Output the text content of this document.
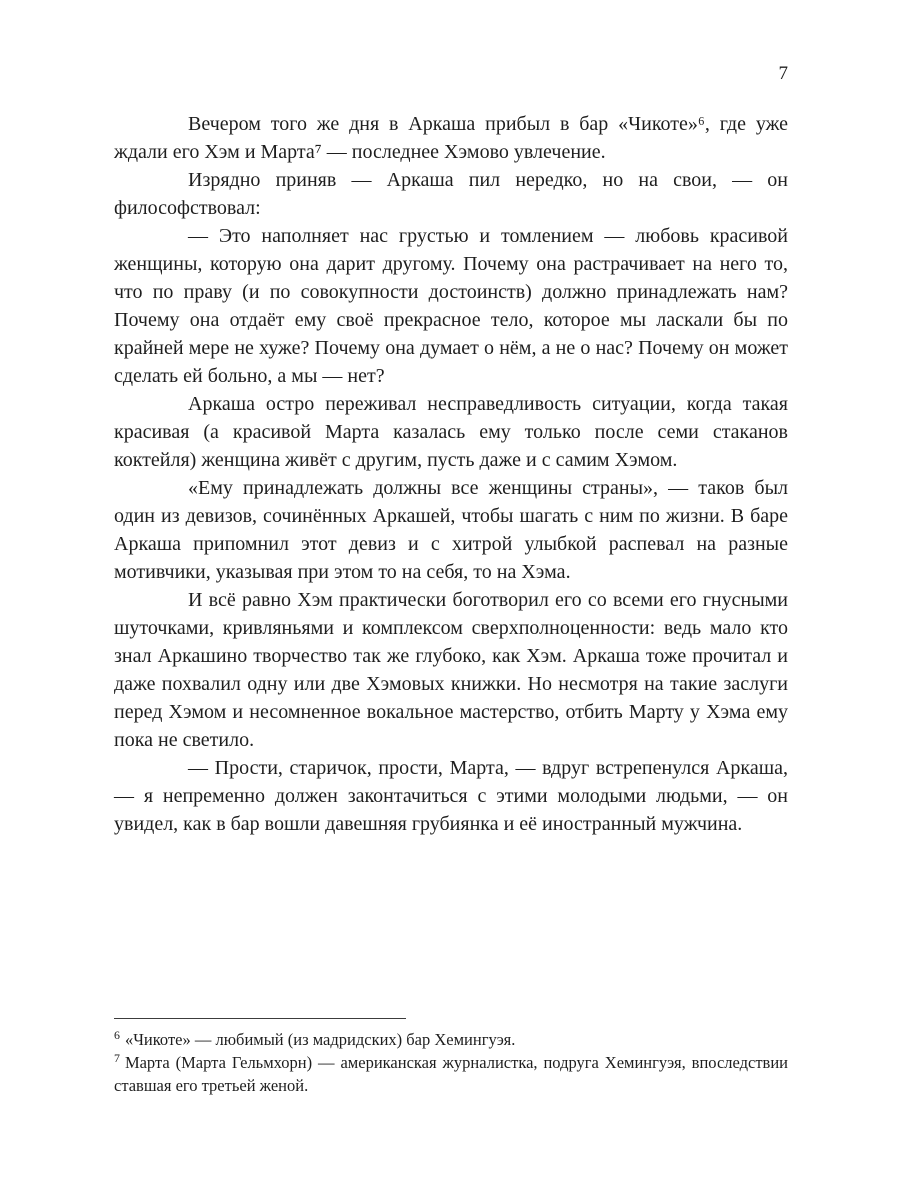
7

Вечером того же дня в Аркаша прибыл в бар «Чикоте»⁶, где уже ждали его Хэм и Марта⁷ — последнее Хэмово увлечение.

Изрядно приняв — Аркаша пил нередко, но на свои, — он философствовал:

— Это наполняет нас грустью и томлением — любовь красивой женщины, которую она дарит другому. Почему она растрачивает на него то, что по праву (и по совокупности достоинств) должно принадлежать нам? Почему она отдаёт ему своё прекрасное тело, которое мы ласкали бы по крайней мере не хуже? Почему она думает о нём, а не о нас? Почему он может сделать ей больно, а мы — нет?

Аркаша остро переживал несправедливость ситуации, когда такая красивая (а красивой Марта казалась ему только после семи стаканов коктейля) женщина живёт с другим, пусть даже и с самим Хэмом.

«Ему принадлежать должны все женщины страны», — таков был один из девизов, сочинённых Аркашей, чтобы шагать с ним по жизни. В баре Аркаша припомнил этот девиз и с хитрой улыбкой распевал на разные мотивчики, указывая при этом то на себя, то на Хэма.

И всё равно Хэм практически боготворил его со всеми его гнусными шуточками, кривляньями и комплексом сверхполноценности: ведь мало кто знал Аркашино творчество так же глубоко, как Хэм. Аркаша тоже прочитал и даже похвалил одну или две Хэмовых книжки. Но несмотря на такие заслуги перед Хэмом и несомненное вокальное мастерство, отбить Марту у Хэма ему пока не светило.

— Прости, старичок, прости, Марта, — вдруг встрепенулся Аркаша, — я непременно должен законтачиться с этими молодыми людьми, — он увидел, как в бар вошли давешняя грубиянка и её иностранный мужчина.

$^6$ «Чикоте» — любимый (из мадридских) бар Хемингуэя.
$^7$ Марта (Марта Гельмхорн) — американская журналистка, подруга Хемингуэя, впоследствии ставшая его третьей женой.
